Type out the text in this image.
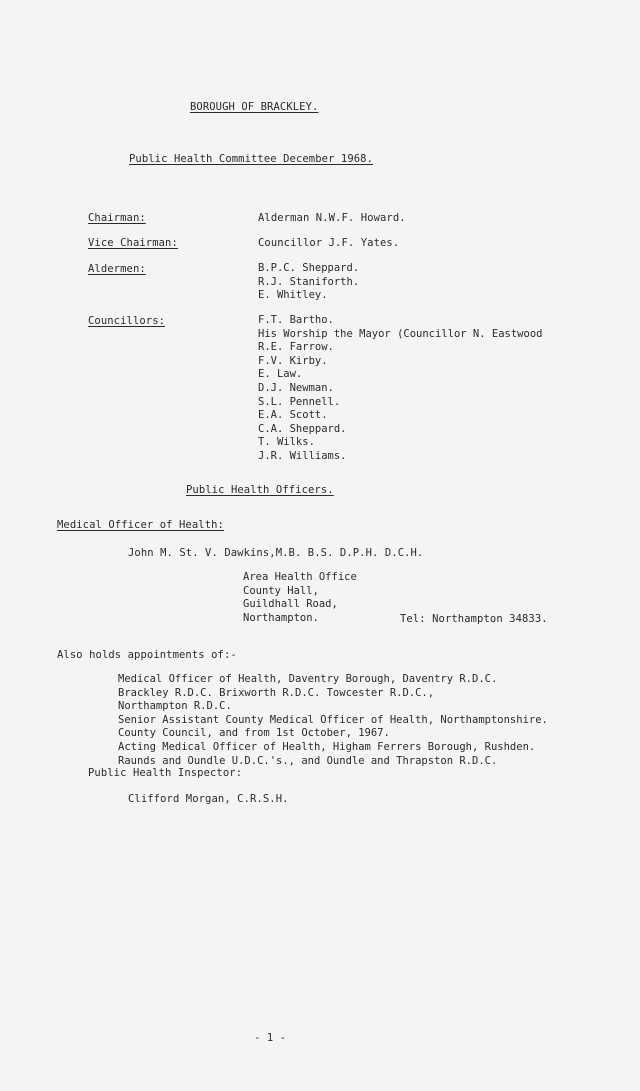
BOROUGH OF BRACKLEY.
Public Health Committee December 1968.
Chairman:	Alderman N.W.F. Howard.
Vice Chairman:	Councillor J.F. Yates.
Aldermen:	B.P.C. Sheppard.
R.J. Staniforth.
E. Whitley.
Councillors:	F.T. Bartho.
His Worship the Mayor (Councillor N. Eastwood
R.E. Farrow.
F.V. Kirby.
E. Law.
D.J. Newman.
S.L. Pennell.
E.A. Scott.
C.A. Sheppard.
T. Wilks.
J.R. Williams.
Public Health Officers.
Medical Officer of Health:
John M. St. V. Dawkins,M.B. B.S. D.P.H. D.C.H.
Area Health Office
County Hall,
Guildhall Road,
Northampton.	Tel: Northampton 34833.
Also holds appointments of:-
Medical Officer of Health, Daventry Borough, Daventry R.D.C.
Brackley R.D.C. Brixworth R.D.C. Towcester R.D.C.,
Northampton R.D.C.
Senior Assistant County Medical Officer of Health, Northamptonshire.
County Council, and from 1st October, 1967.
Acting Medical Officer of Health, Higham Ferrers Borough, Rushden.
Raunds and Oundle U.D.C.'s., and Oundle and Thrapston R.D.C.
Public Health Inspector:
Clifford Morgan, C.R.S.H.
- 1 -
